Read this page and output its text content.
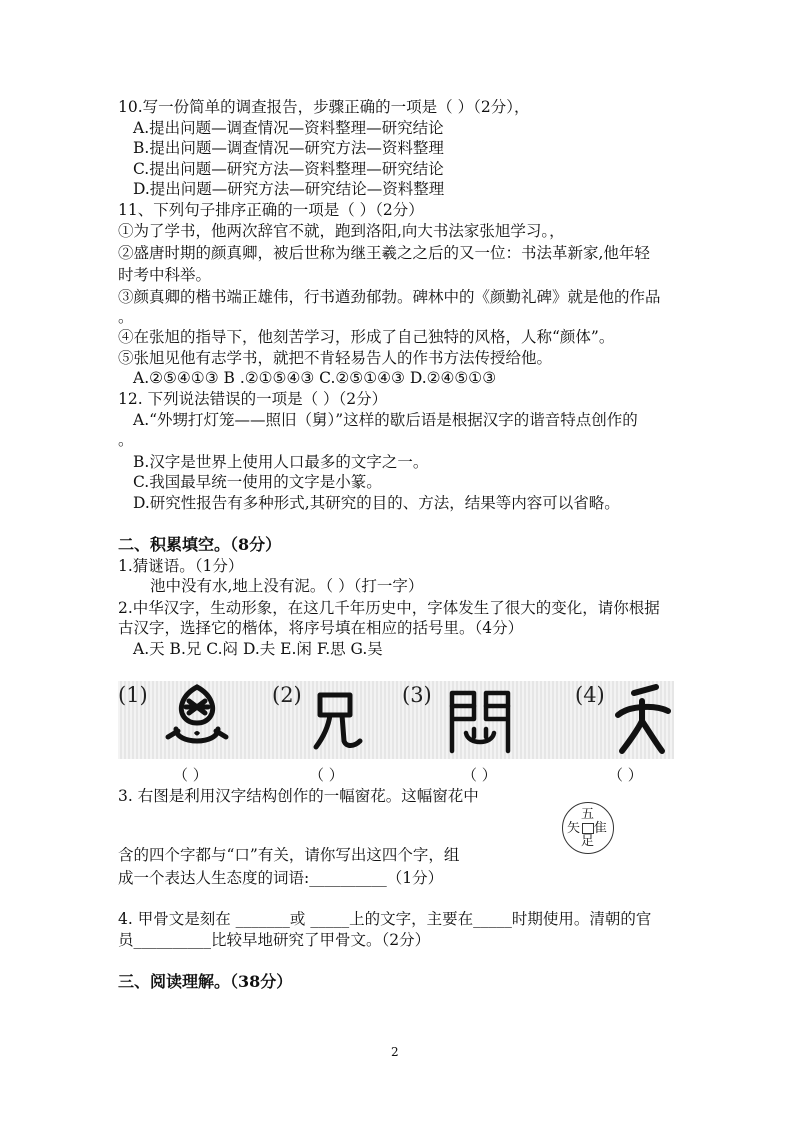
10.写一份简单的调查报告，步骤正确的一项是（ ）（2分），
A.提出问题—调查情况—资料整理—研究结论
B.提出问题—调查情况—研究方法—资料整理
C.提出问题—研究方法—资料整理—研究结论
D.提出问题—研究方法—研究结论—资料整理
11、下列句子排序正确的一项是（ ）（2分）
①为了学书，他两次辞官不就，跑到洛阳,向大书法家张旭学习。，
②盛唐时期的颜真卿，被后世称为继王羲之之后的又一位：书法革新家,他年轻
时考中科举。
③颜真卿的楷书端正雄伟，行书遒劲郁勃。碑林中的《颜勤礼碑》就是他的作品
。
④在张旭的指导下，他刻苦学习，形成了自己独特的风格，人称“颜体”。
⑤张旭见他有志学书，就把不肯轻易告人的作书方法传授给他。
A.②⑤④①③ B .②①⑤④③ C.②⑤①④③ D.②④⑤①③
12. 下列说法错误的一项是（ ）（2分）
A.“外甥打灯笼——照旧（舅）”这样的歇后语是根据汉字的谐音特点创作的
。
B.汉字是世界上使用人口最多的文字之一。
C.我国最早统一使用的文字是小篆。
D.研究性报告有多种形式,其研究的目的、方法，结果等内容可以省略。
二、积累填空。（8分）
1.猜谜语。（1分）
池中没有水,地上没有泥。（ ）（打一字）
2.中华汉字，生动形象，在这几千年历史中，字体发生了很大的变化，请你根据
古汉字，选择它的楷体，将序号填在相应的括号里。（4分）
A.天 B.兄 C.闷 D.夫 E.闲 F.思 G.吴
(1)	(2)	(3)	(4)
（ ）	（ ）	（ ）	（ ）
3. 右图是利用汉字结构创作的一幅窗花。这幅窗花中
五
矢 隹
足
含的四个字都与“口”有关，请你写出这四个字，组
成一个表达人生态度的词语:__________（1分）
4. 甲骨文是刻在 _______或 _____上的文字，主要在_____时期使用。清朝的官
员__________比较早地研究了甲骨文。（2分）
三、阅读理解。（38分）
2
